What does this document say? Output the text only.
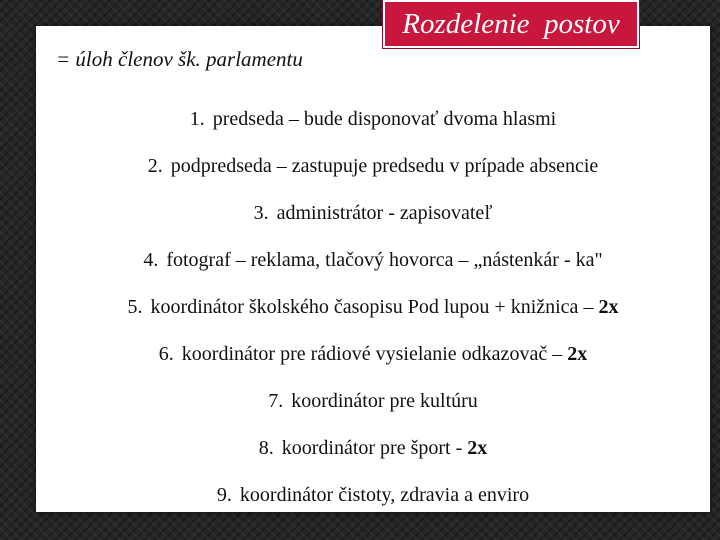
Rozdelenie  postov
= úloh členov šk. parlamentu
1. predseda – bude disponovať dvoma hlasmi
2. podpredseda – zastupuje predsedu v prípade absencie
3. administrátor - zapisovateľ
4. fotograf – reklama, tlačový hovorca – „nástenkár - ka"
5. koordinátor školského časopisu Pod lupou + knižnica – 2x
6. koordinátor pre rádiové vysielanie odkazovač – 2x
7. koordinátor pre kultúru
8. koordinátor pre šport - 2x
9. koordinátor čistoty, zdravia a enviro
